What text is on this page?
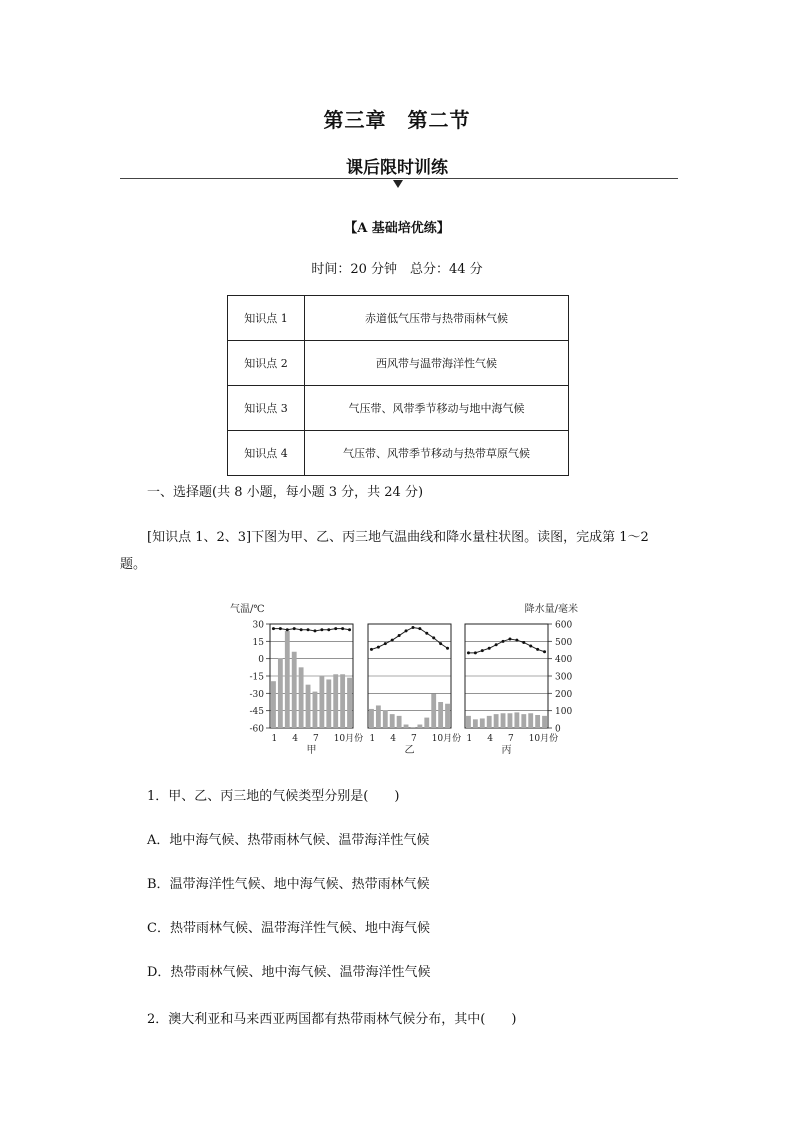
第三章　第二节
课后限时训练
【A 基础培优练】
时间：20 分钟　总分：44 分
知识点 1	赤道低气压带与热带雨林气候
知识点 2	西风带与温带海洋性气候
知识点 3	气压带、风带季节移动与地中海气候
知识点 4	气压带、风带季节移动与热带草原气候
一、选择题(共 8 小题，每小题 3 分，共 24 分)
[知识点 1、2、3]下图为甲、乙、丙三地气温曲线和降水量柱状图。读图，完成第 1～2
题。
气温/℃	降水量/毫米
30
15
0
-15
-30
-45
-60
600
500
400
300
200
100
0
1 4 7 10月份
甲
1 4 7 10月份
乙
1 4 7 10月份
丙
1．甲、乙、丙三地的气候类型分别是(　　)
A．地中海气候、热带雨林气候、温带海洋性气候
B．温带海洋性气候、地中海气候、热带雨林气候
C．热带雨林气候、温带海洋性气候、地中海气候
D．热带雨林气候、地中海气候、温带海洋性气候
2．澳大利亚和马来西亚两国都有热带雨林气候分布，其中(　　)
